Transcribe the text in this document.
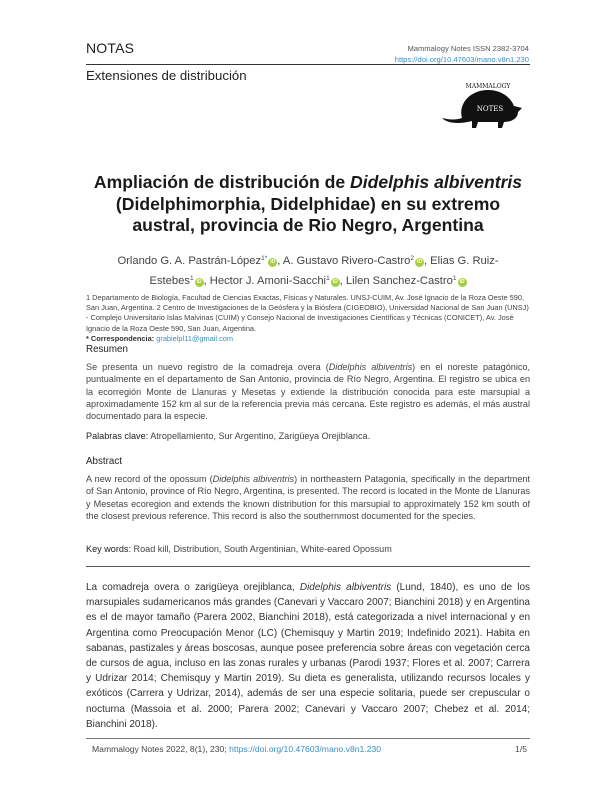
NOTAS	Mammalogy Notes ISSN 2382-3704
https://doi.org/10.47603/mano.v8n1.230
Extensiones de distribución
MAMMALOGY
NOTES
Ampliación de distribución de Didelphis albiventris
(Didelphimorphia, Didelphidae) en su extremo
austral, provincia de Rio Negro, Argentina
Orlando G. A. Pastrán-López$^{1*}$ iD , A. Gustavo Rivero-Castro$^2$ iD , Elias G. Ruiz-Estebes$^1$ iD , Hector J. Amoni-Sacchi$^1$ iD , Lilen Sanchez-Castro$^1$ iD
1 Departamento de Biología, Facultad de Ciencias Exactas, Físicas y Naturales. UNSJ-CUIM, Av. José Ignacio de la Roza Oeste 590, San Juan, Argentina. 2 Centro de Investigaciones de la Geósfera y la Biósfera (CIGEOBIO), Universidad Nacional de San Juan (UNSJ) - Complejo Universitario Islas Malvinas (CUIM) y Consejo Nacional de Investigaciones Científicas y Técnicas (CONICET), Av. José Ignacio de la Roza Oeste 590, San Juan, Argentina.
* Correspondencia: grabielpl11@gmail.com
Resumen
Se presenta un nuevo registro de la comadreja overa (Didelphis albiventris) en el noreste patagónico, puntualmente en el departamento de San Antonio, provincia de Río Negro, Argentina. El registro se ubica en la ecorregión Monte de Llanuras y Mesetas y extiende la distribución conocida para este marsupial a aproximadamente 152 km al sur de la referencia previa más cercana. Este registro es además, el más austral documentado para la especie.
Palabras clave: Atropellamiento, Sur Argentino, Zarigüeya Orejiblanca.
Abstract
A new record of the opossum (Didelphis albiventris) in northeastern Patagonia, specifically in the department of San Antonio, province of Río Negro, Argentina, is presented. The record is located in the Monte de Llanuras y Mesetas ecoregion and extends the known distribution for this marsupial to approximately 152 km south of the closest previous reference. This record is also the southernmost documented for the species.
Key words: Road kill, Distribution, South Argentinian, White-eared Opossum
La comadreja overa o zarigüeya orejiblanca, Didelphis albiventris (Lund, 1840), es uno de los marsupiales sudamericanos más grandes (Canevari y Vaccaro 2007; Bianchini 2018) y en Argentina es el de mayor tamaño (Parera 2002, Bianchini 2018), está categorizada a nivel internacional y en Argentina como Preocupación Menor (LC) (Chemisquy y Martin 2019; Indefinido 2021). Habita en sabanas, pastizales y áreas boscosas, aunque posee preferencia sobre áreas con vegetación cerca de cursos de agua, incluso en las zonas rurales y urbanas (Parodi 1937; Flores et al. 2007; Carrera y Udrizar 2014; Chemisquy y Martin 2019). Su dieta es generalista, utilizando recursos locales y exóticos (Carrera y Udrizar, 2014), además de ser una especie solitaria, puede ser crepuscular o nocturna (Massoia et al. 2000; Parera 2002; Canevari y Vaccaro 2007; Chebez et al. 2014; Bianchini 2018).
Mammalogy Notes 2022, 8(1), 230; https://doi.org/10.47603/mano.v8n1.230	1/5
